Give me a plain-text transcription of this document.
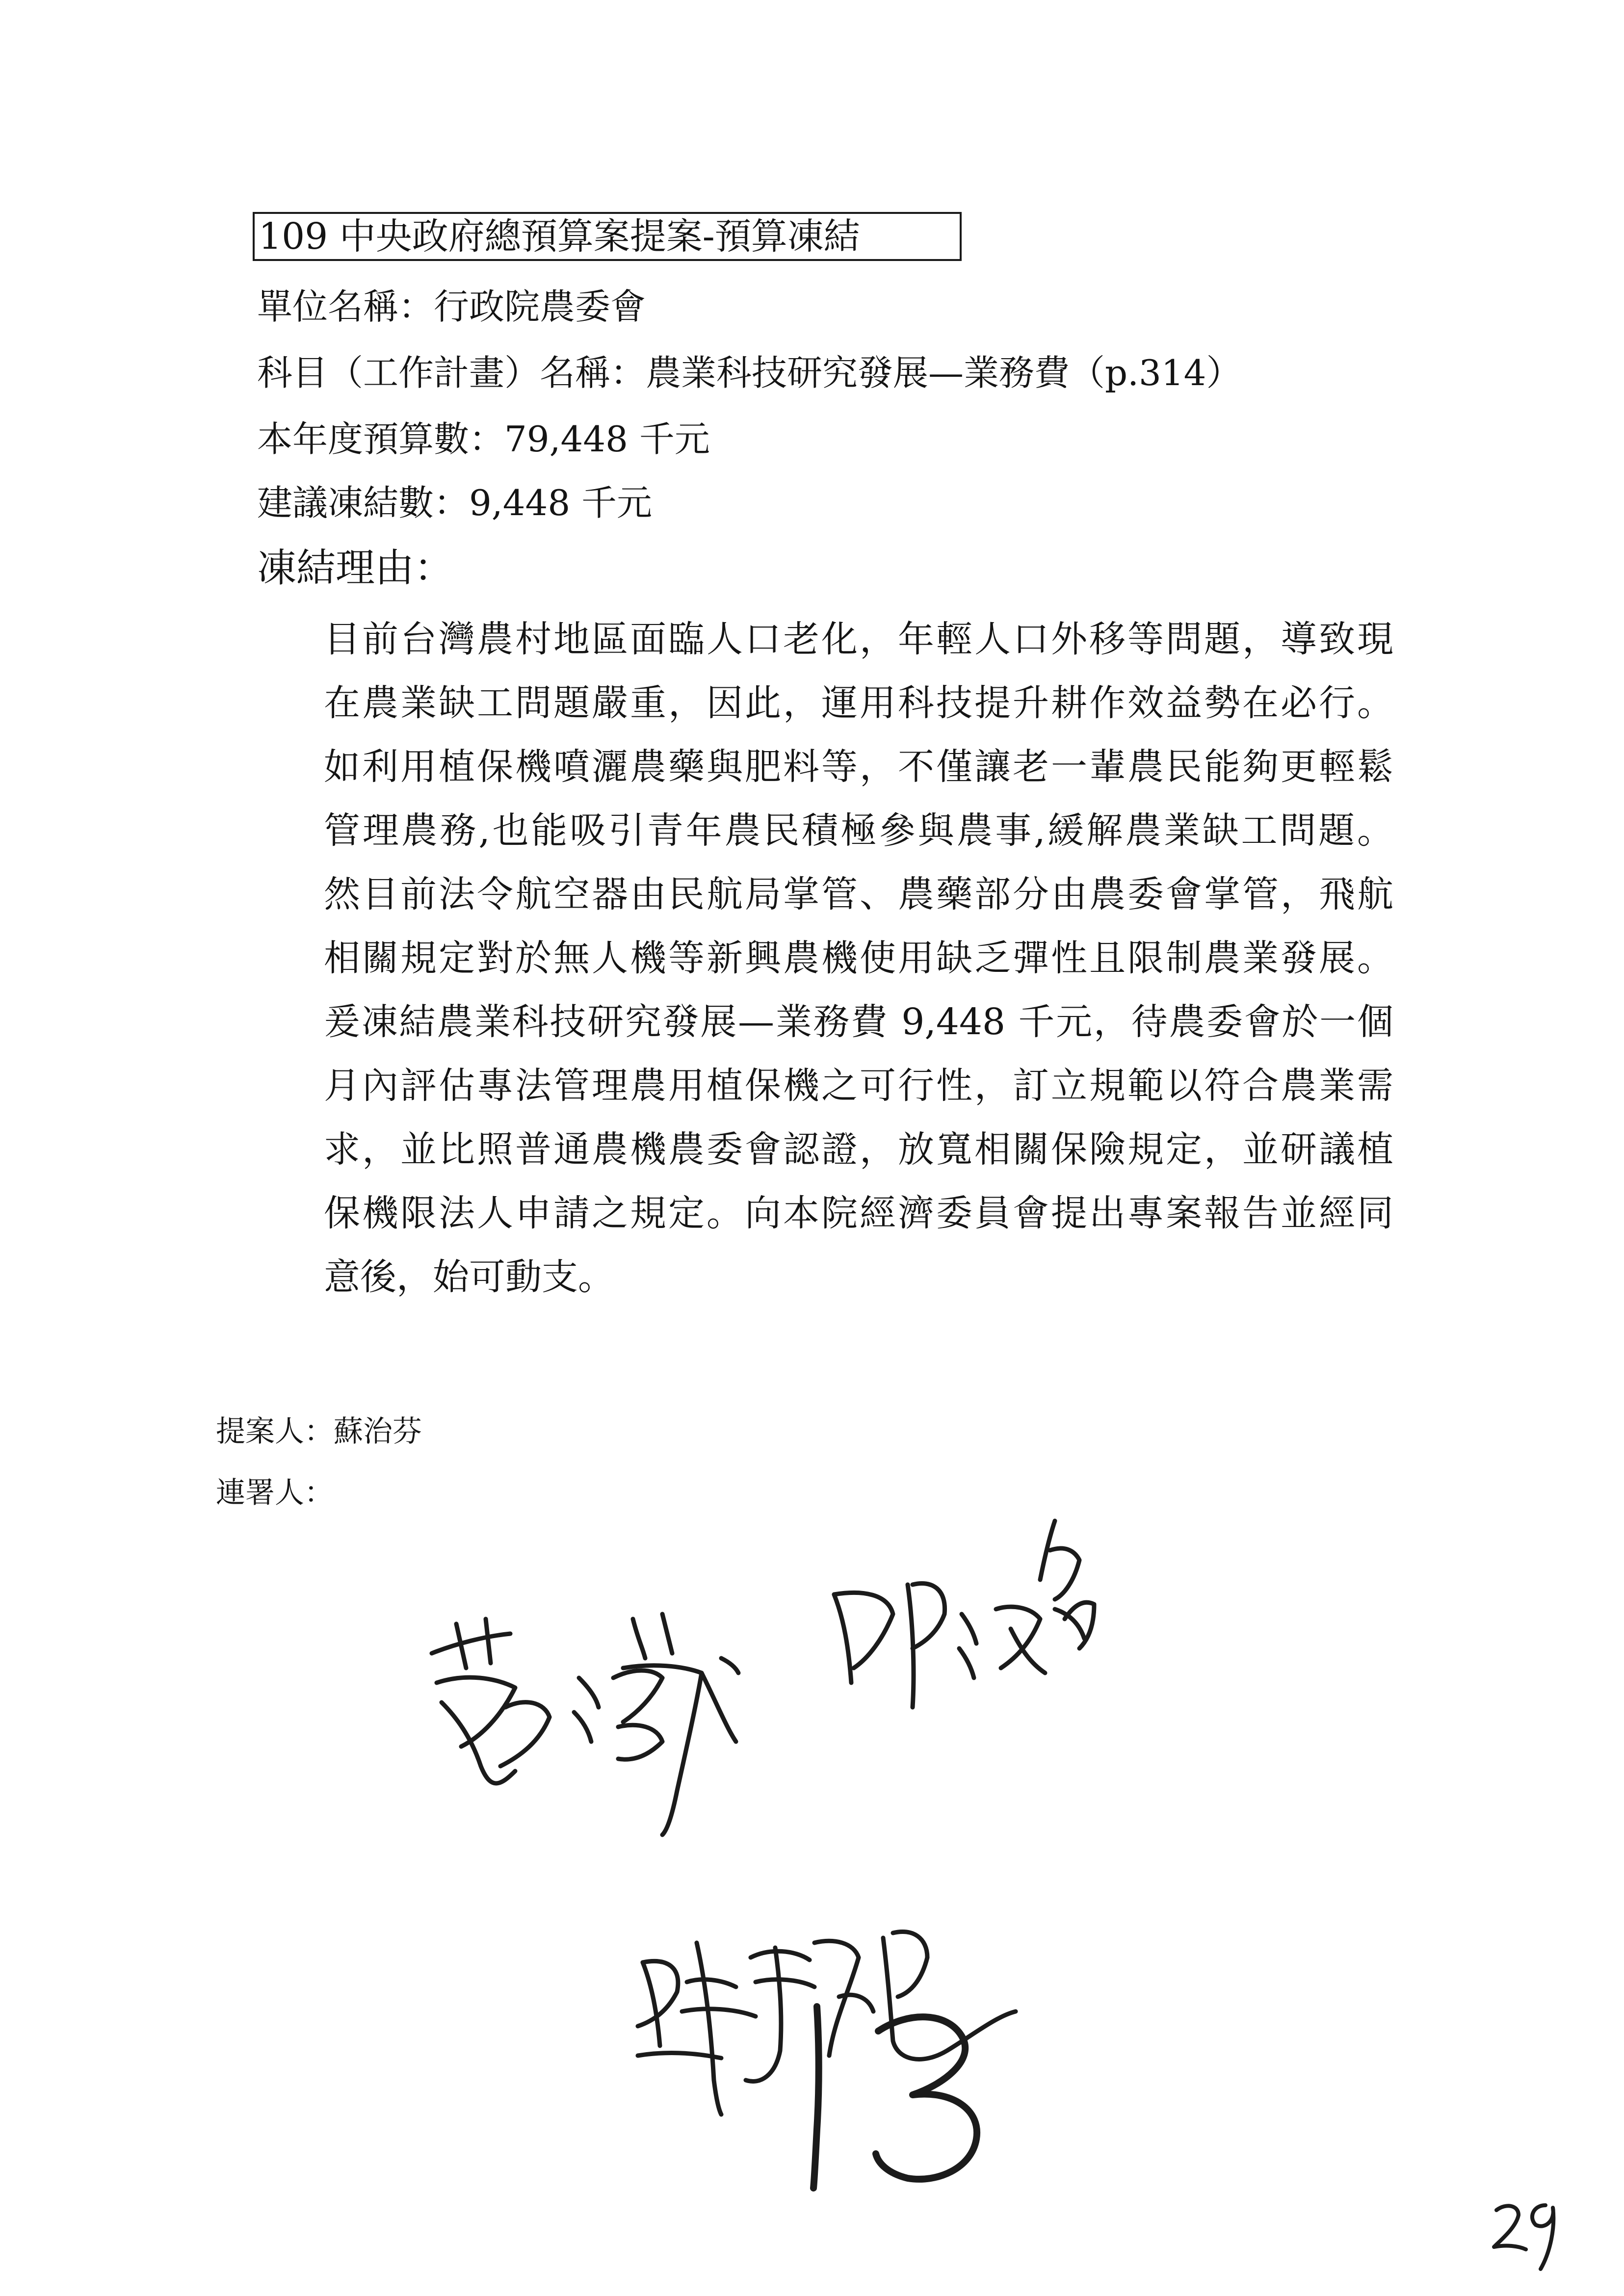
109 中央政府總預算案提案-預算凍結
單位名稱：行政院農委會
科目（工作計畫）名稱：農業科技研究發展—業務費（p.314）
本年度預算數：79,448 千元
建議凍結數：9,448 千元
凍結理由：
目前台灣農村地區面臨人口老化，年輕人口外移等問題，導致現
在農業缺工問題嚴重，因此，運用科技提升耕作效益勢在必行。
如利用植保機噴灑農藥與肥料等，不僅讓老一輩農民能夠更輕鬆
管理農務,也能吸引青年農民積極參與農事,緩解農業缺工問題。
然目前法令航空器由民航局掌管、農藥部分由農委會掌管，飛航
相關規定對於無人機等新興農機使用缺乏彈性且限制農業發展。
爰凍結農業科技研究發展—業務費 9,448 千元，待農委會於一個
月內評估專法管理農用植保機之可行性，訂立規範以符合農業需
求，並比照普通農機農委會認證，放寬相關保險規定，並研議植
保機限法人申請之規定。向本院經濟委員會提出專案報告並經同
意後，始可動支。
提案人：蘇治芬
連署人：
